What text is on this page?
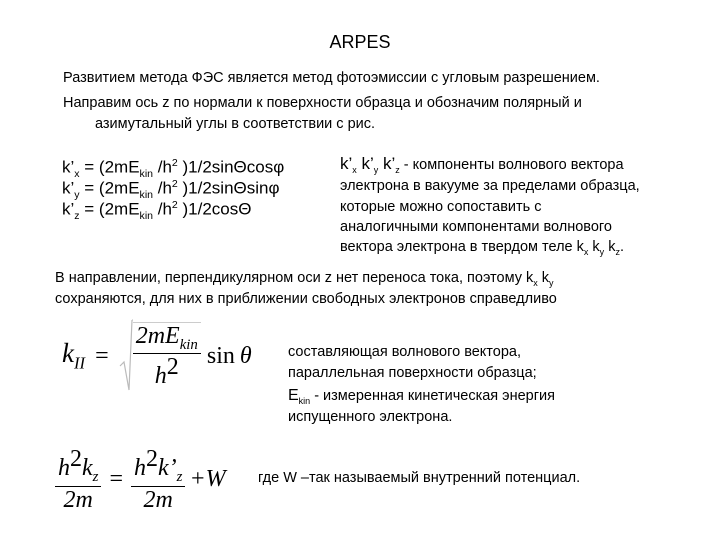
ARPES
Развитием метода ФЭС является метод фотоэмиссии с угловым разрешением.
Направим ось z по нормали к поверхности образца и обозначим полярный и
азимутальный углы в соответствии с рис.
$k’_x = (2mE_{kin}$ $/h^2$ )1/2sinΘcosφ
$k’_y = (2mE_{kin}$ $/h^2$ )1/2sinΘsinφ
$k’_z = (2mE_{kin}$ $/h^2$ )1/2cosΘ
$k’_x$ $k’_y$ $k’_z$ - компоненты волнового вектора
электрона в вакууме за пределами образца,
которые можно сопоставить с
аналогичными компонентами волнового
вектора электрона в твердом теле $k_x$ $k_y$ $k_z$.
В направлении, перпендикулярном оси z нет переноса тока, поэтому $k_x$ $k_y$
сохраняются, для них в приближении свободных электронов справедливо
$k_{II} = \frac{2mE_{kin}}{h^2}$ sin θ	составляющая волнового вектора,
параллельная поверхности образца;
$E_{kin}$ - измеренная кинетическая энергия
испущенного электрона.
$\frac{h^2k_z}{2m} = \frac{h^2k’_z}{2m} +W$ где W –так называемый внутренний потенциал.
